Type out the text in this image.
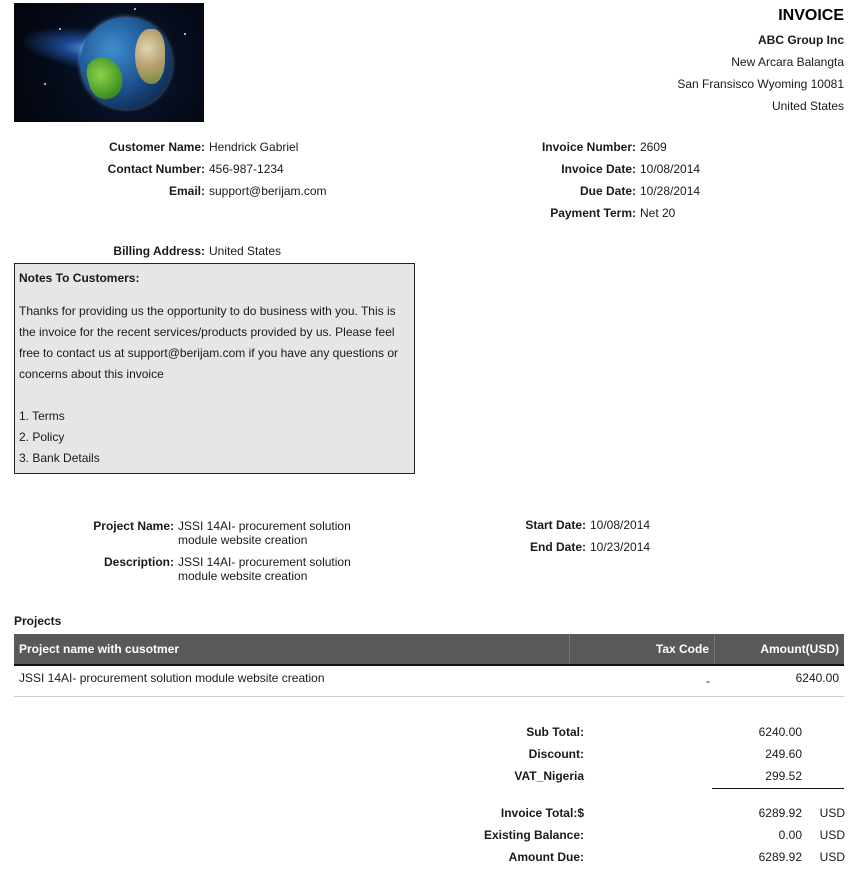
INVOICE
ABC Group Inc
New Arcara Balangta
San Fransisco Wyoming 10081
United States
Customer Name: Hendrick Gabriel
Contact Number: 456-987-1234
Email: support@berijam.com
Invoice Number: 2609
Invoice Date: 10/08/2014
Due Date: 10/28/2014
Payment Term: Net 20
Billing Address: United States
Notes To Customers:
Thanks for providing us the opportunity to do business with you. This is
the invoice for the recent services/products provided by us. Please feel
free to contact us at support@berijam.com if you have any questions or
concerns about this invoice
1. Terms
2. Policy
3. Bank Details
Project Name: JSSI 14AI- procurement solution
module website creation
Description: JSSI 14AI- procurement solution
module website creation
Start Date: 10/08/2014
End Date: 10/23/2014
Projects
Project name with cusotmer	Tax Code	Amount(USD)
JSSI 14AI- procurement solution module website creation	-	6240.00
Sub Total:	6240.00
Discount:	249.60
VAT_Nigeria	299.52
Invoice Total:$	6289.92	USD
Existing Balance:	0.00	USD
Amount Due:	6289.92	USD
